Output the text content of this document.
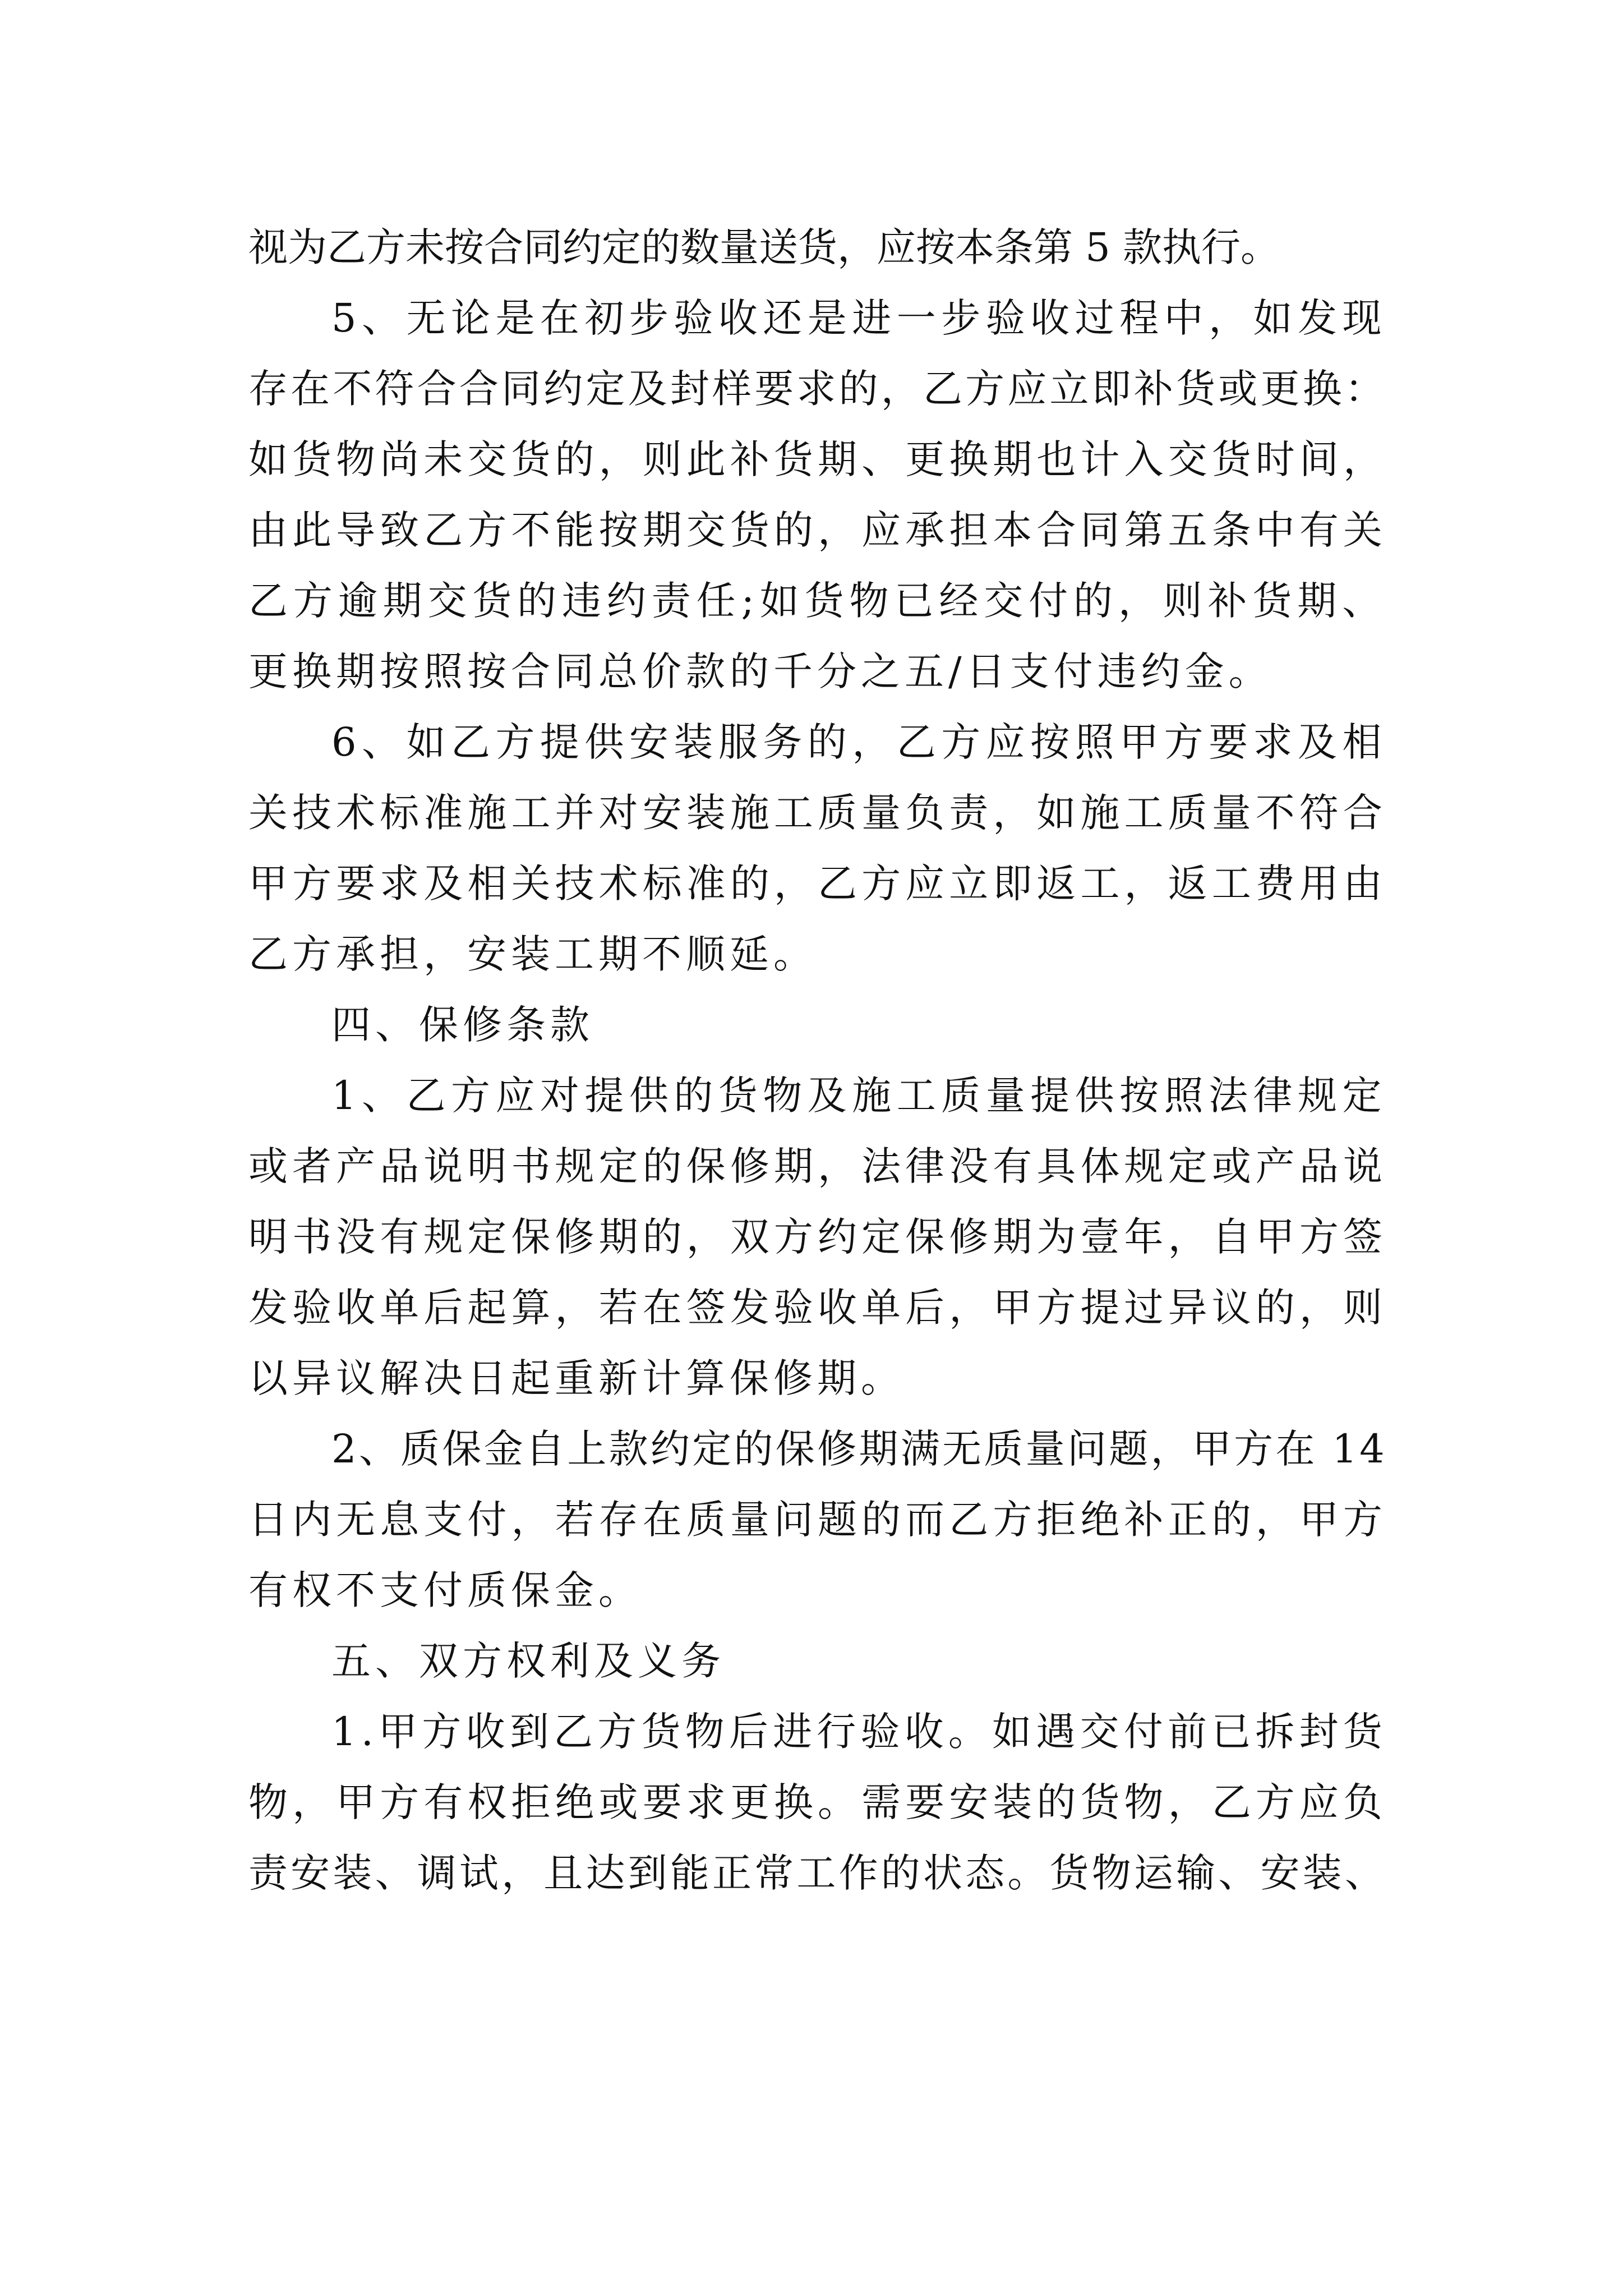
视为乙方未按合同约定的数量送货，应按本条第 5 款执行。
5、无论是在初步验收还是进一步验收过程中，如发现
存在不符合合同约定及封样要求的，乙方应立即补货或更换：
如货物尚未交货的，则此补货期、更换期也计入交货时间，
由此导致乙方不能按期交货的，应承担本合同第五条中有关
乙方逾期交货的违约责任;如货物已经交付的，则补货期、
更换期按照按合同总价款的千分之五/日支付违约金。
6、如乙方提供安装服务的，乙方应按照甲方要求及相
关技术标准施工并对安装施工质量负责，如施工质量不符合
甲方要求及相关技术标准的，乙方应立即返工，返工费用由
乙方承担，安装工期不顺延。
四、保修条款
1、乙方应对提供的货物及施工质量提供按照法律规定
或者产品说明书规定的保修期，法律没有具体规定或产品说
明书没有规定保修期的，双方约定保修期为壹年，自甲方签
发验收单后起算，若在签发验收单后，甲方提过异议的，则
以异议解决日起重新计算保修期。
2、质保金自上款约定的保修期满无质量问题，甲方在 14
日内无息支付，若存在质量问题的而乙方拒绝补正的，甲方
有权不支付质保金。
五、双方权利及义务
1.甲方收到乙方货物后进行验收。如遇交付前已拆封货
物，甲方有权拒绝或要求更换。需要安装的货物，乙方应负
责安装、调试，且达到能正常工作的状态。货物运输、安装、
